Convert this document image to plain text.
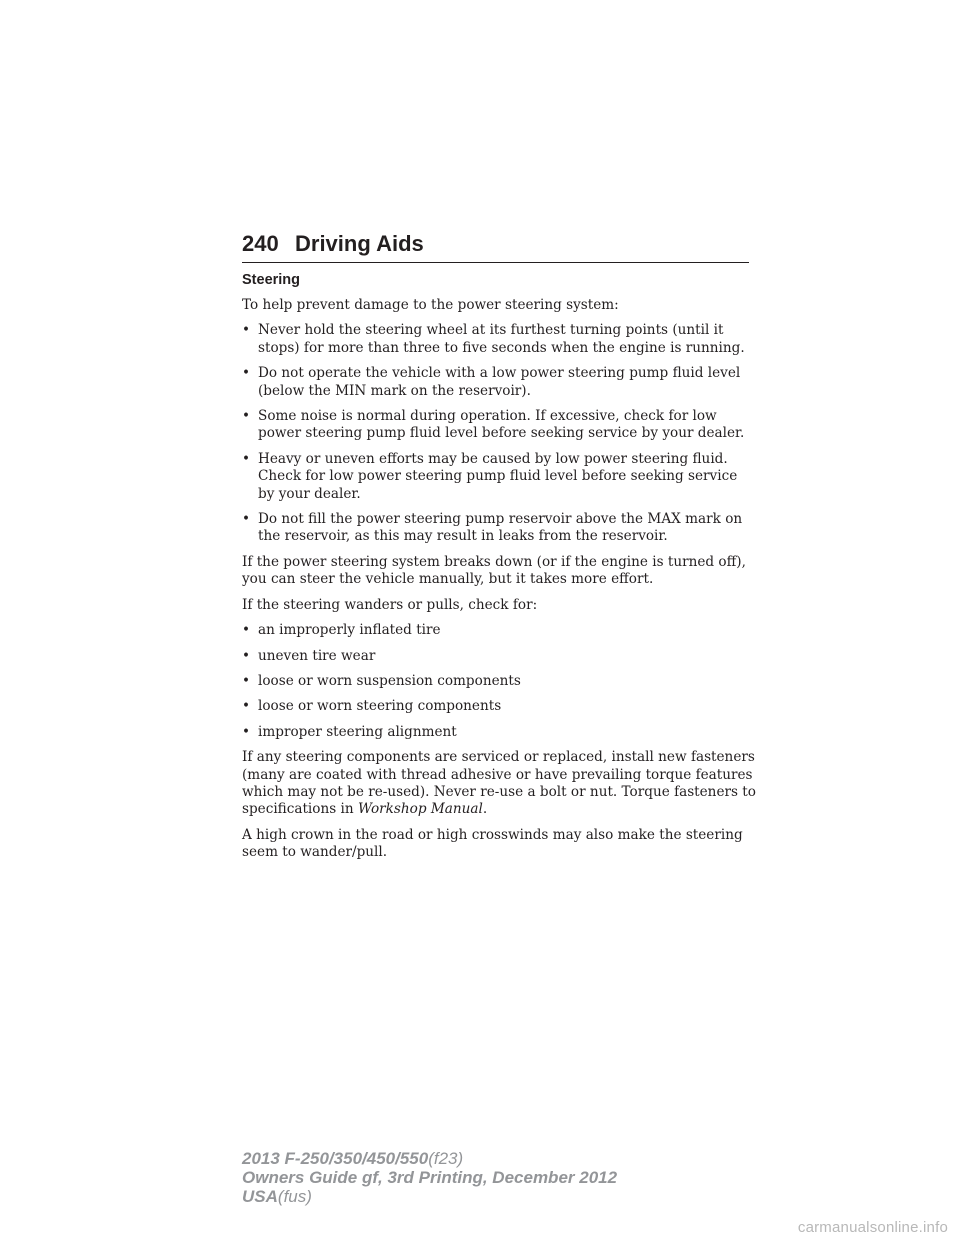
240 Driving Aids
Steering

To help prevent damage to the power steering system:

• Never hold the steering wheel at its furthest turning points (until it stops) for more than three to five seconds when the engine is running.
• Do not operate the vehicle with a low power steering pump fluid level (below the MIN mark on the reservoir).
• Some noise is normal during operation. If excessive, check for low power steering pump fluid level before seeking service by your dealer.
• Heavy or uneven efforts may be caused by low power steering fluid. Check for low power steering pump fluid level before seeking service by your dealer.
• Do not fill the power steering pump reservoir above the MAX mark on the reservoir, as this may result in leaks from the reservoir.

If the power steering system breaks down (or if the engine is turned off), you can steer the vehicle manually, but it takes more effort.

If the steering wanders or pulls, check for:

• an improperly inflated tire
• uneven tire wear
• loose or worn suspension components
• loose or worn steering components
• improper steering alignment

If any steering components are serviced or replaced, install new fasteners (many are coated with thread adhesive or have prevailing torque features which may not be re-used). Never re-use a bolt or nut. Torque fasteners to specifications in Workshop Manual.

A high crown in the road or high crosswinds may also make the steering seem to wander/pull.

2013 F-250/350/450/550(f23)
Owners Guide gf, 3rd Printing, December 2012
USA(fus)
carmanualsonline.info
